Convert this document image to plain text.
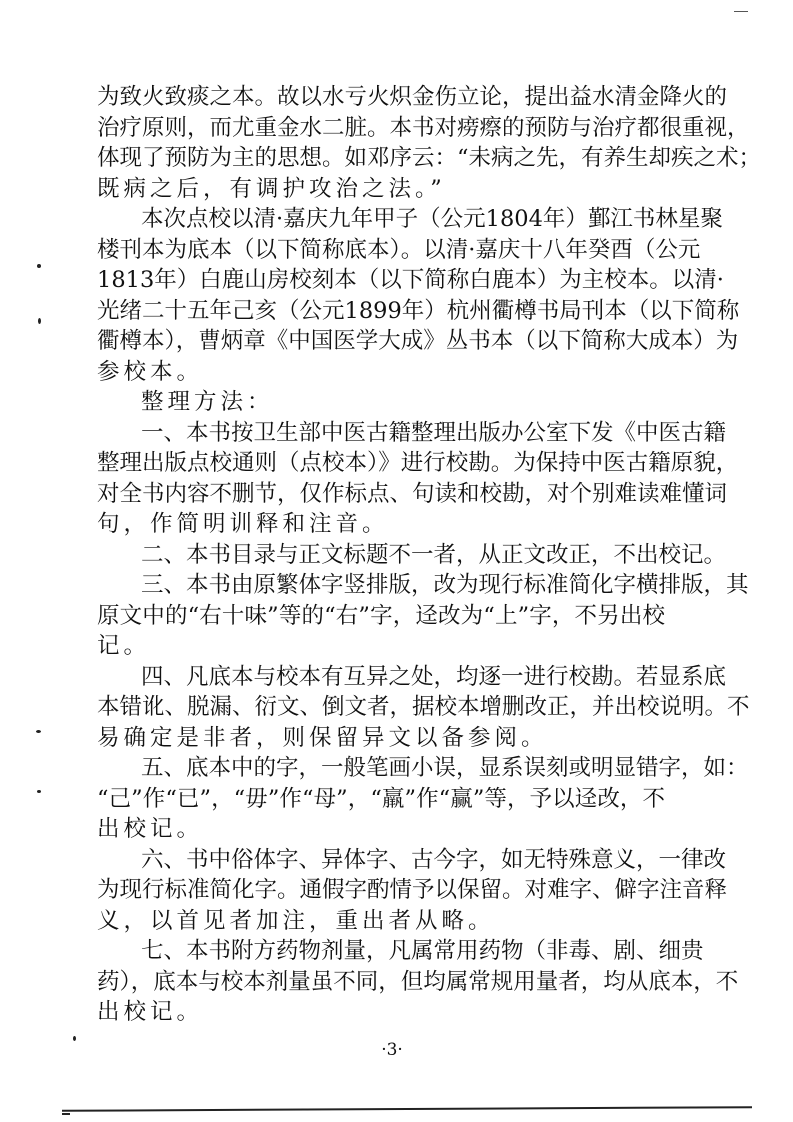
为致火致痰之本。故以水亏火炽金伤立论，提出益水清金降火的
治疗原则，而尤重金水二脏。本书对痨瘵的预防与治疗都很重视，
体现了预防为主的思想。如邓序云：“未病之先，有养生却疾之术；
既病之后，有调护攻治之法。”
本次点校以清·嘉庆九年甲子（公元1804年）鄞江书林星聚
楼刊本为底本（以下简称底本）。以清·嘉庆十八年癸酉（公元
1813年）白鹿山房校刻本（以下简称白鹿本）为主校本。以清·
光绪二十五年己亥（公元1899年）杭州衢樽书局刊本（以下简称
衢樽本），曹炳章《中国医学大成》丛书本（以下简称大成本）为
参校本。
整理方法：
一、本书按卫生部中医古籍整理出版办公室下发《中医古籍
整理出版点校通则（点校本）》进行校勘。为保持中医古籍原貌，
对全书内容不删节，仅作标点、句读和校勘，对个别难读难懂词
句，作简明训释和注音。
二、本书目录与正文标题不一者，从正文改正，不出校记。
三、本书由原繁体字竖排版，改为现行标准简化字横排版，其
原文中的“右十味”等的“右”字，迳改为“上”字，不另出校
记。
四、凡底本与校本有互异之处，均逐一进行校勘。若显系底
本错讹、脱漏、衍文、倒文者，据校本增删改正，并出校说明。不
易确定是非者，则保留异文以备参阅。
五、底本中的字，一般笔画小误，显系误刻或明显错字，如：
“己”作“已”，“毋”作“母”，“羸”作“赢”等，予以迳改，不
出校记。
六、书中俗体字、异体字、古今字，如无特殊意义，一律改
为现行标准简化字。通假字酌情予以保留。对难字、僻字注音释
义，以首见者加注，重出者从略。
七、本书附方药物剂量，凡属常用药物（非毒、剧、细贵
药），底本与校本剂量虽不同，但均属常规用量者，均从底本，不
出校记。
·3·
